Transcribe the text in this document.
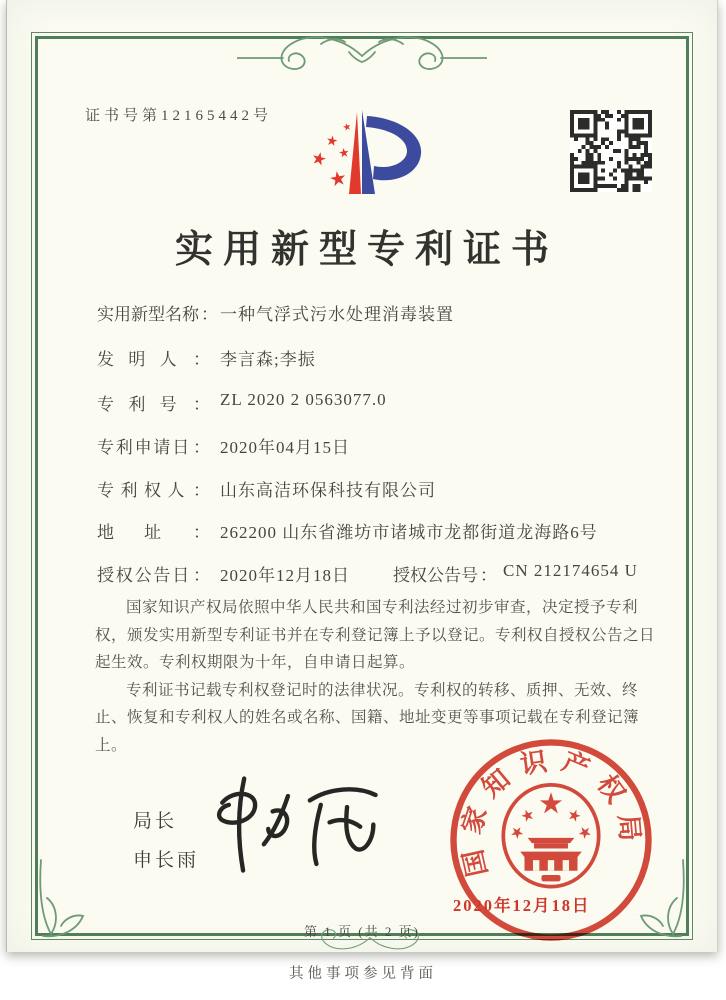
证书号第12165442号
实用新型专利证书
实用新型名称 ： 一种气浮式污水处理消毒装置
发明人 ： 李言森;李振
专利号 ： ZL 2020 2 0563077.0
专利申请日 ： 2020年04月15日
专利权人 ： 山东高洁环保科技有限公司
地址 ： 262200 山东省潍坊市诸城市龙都街道龙海路6号
授权公告日 ： 2020年12月18日	授权公告号 ： CN 212174654 U

国家知识产权局依照中华人民共和国专利法经过初步审查，决定授予专利权，颁发实用新型专利证书并在专利登记簿上予以登记。专利权自授权公告之日起生效。专利权期限为十年，自申请日起算。

专利证书记载专利权登记时的法律状况。专利权的转移、质押、无效、终止、恢复和专利权人的姓名或名称、国籍、地址变更等事项记载在专利登记簿上。

局长
申长雨	国家知识产权局
2020年12月18日
第 1 页 (共 2 页)
其他事项参见背面
